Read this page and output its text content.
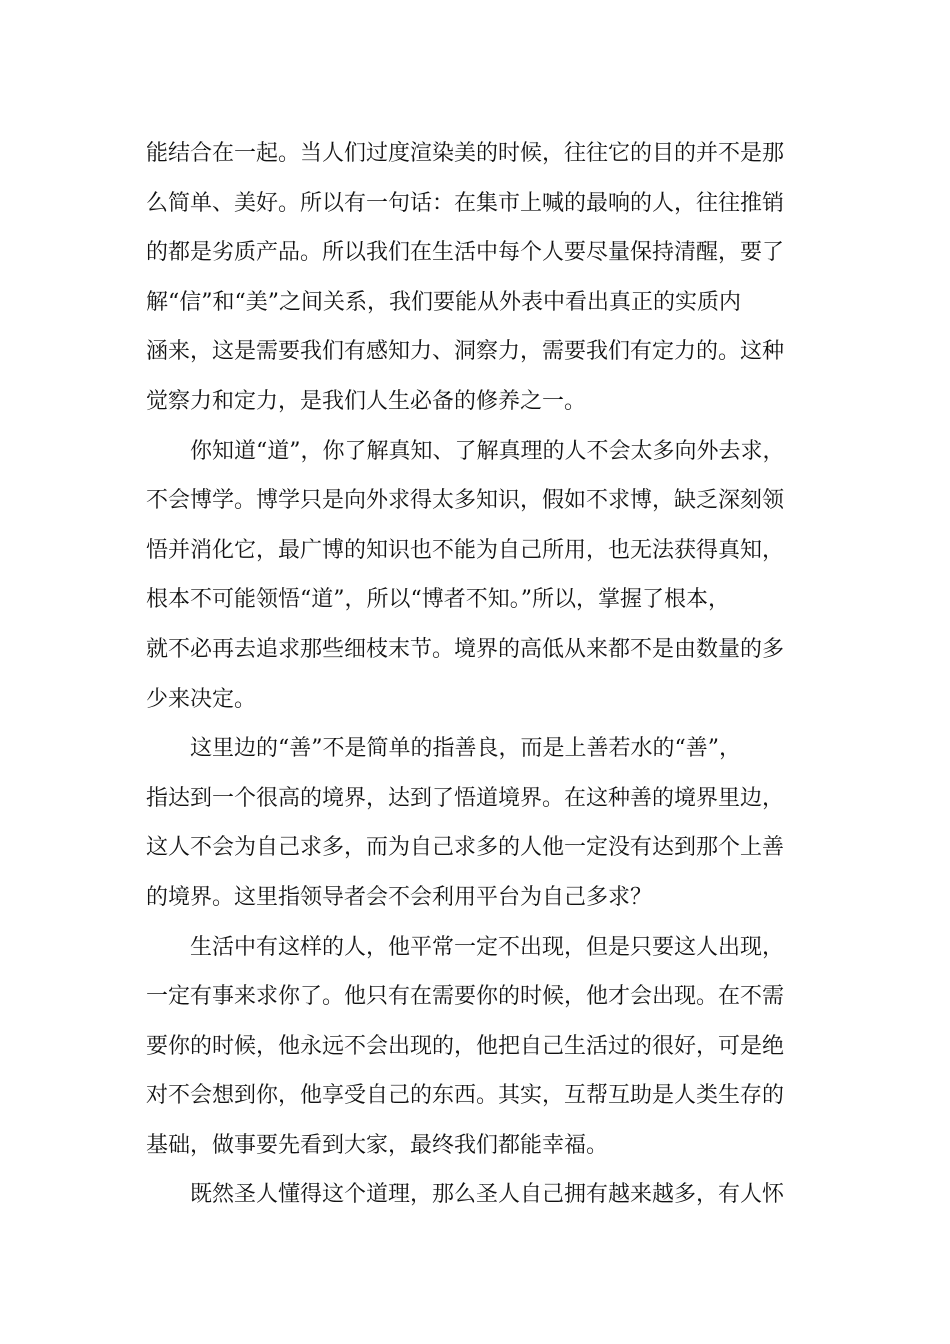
能结合在一起。当人们过度渲染美的时候，往往它的目的并不是那
么简单、美好。所以有一句话：在集市上喊的最响的人，往往推销
的都是劣质产品。所以我们在生活中每个人要尽量保持清醒，要了
解“信”和“美”之间关系，我们要能从外表中看出真正的实质内
涵来，这是需要我们有感知力、洞察力，需要我们有定力的。这种
觉察力和定力，是我们人生必备的修养之一。
你知道“道”，你了解真知、了解真理的人不会太多向外去求，
不会博学。博学只是向外求得太多知识，假如不求博，缺乏深刻领
悟并消化它，最广博的知识也不能为自己所用，也无法获得真知，
根本不可能领悟“道”，所以“博者不知。”所以，掌握了根本，
就不必再去追求那些细枝末节。境界的高低从来都不是由数量的多
少来决定。
这里边的“善”不是简单的指善良，而是上善若水的“善”，
指达到一个很高的境界，达到了悟道境界。在这种善的境界里边，
这人不会为自己求多，而为自己求多的人他一定没有达到那个上善
的境界。这里指领导者会不会利用平台为自己多求？
生活中有这样的人，他平常一定不出现，但是只要这人出现，
一定有事来求你了。他只有在需要你的时候，他才会出现。在不需
要你的时候，他永远不会出现的，他把自己生活过的很好，可是绝
对不会想到你，他享受自己的东西。其实，互帮互助是人类生存的
基础，做事要先看到大家，最终我们都能幸福。
既然圣人懂得这个道理，那么圣人自己拥有越来越多，有人怀
